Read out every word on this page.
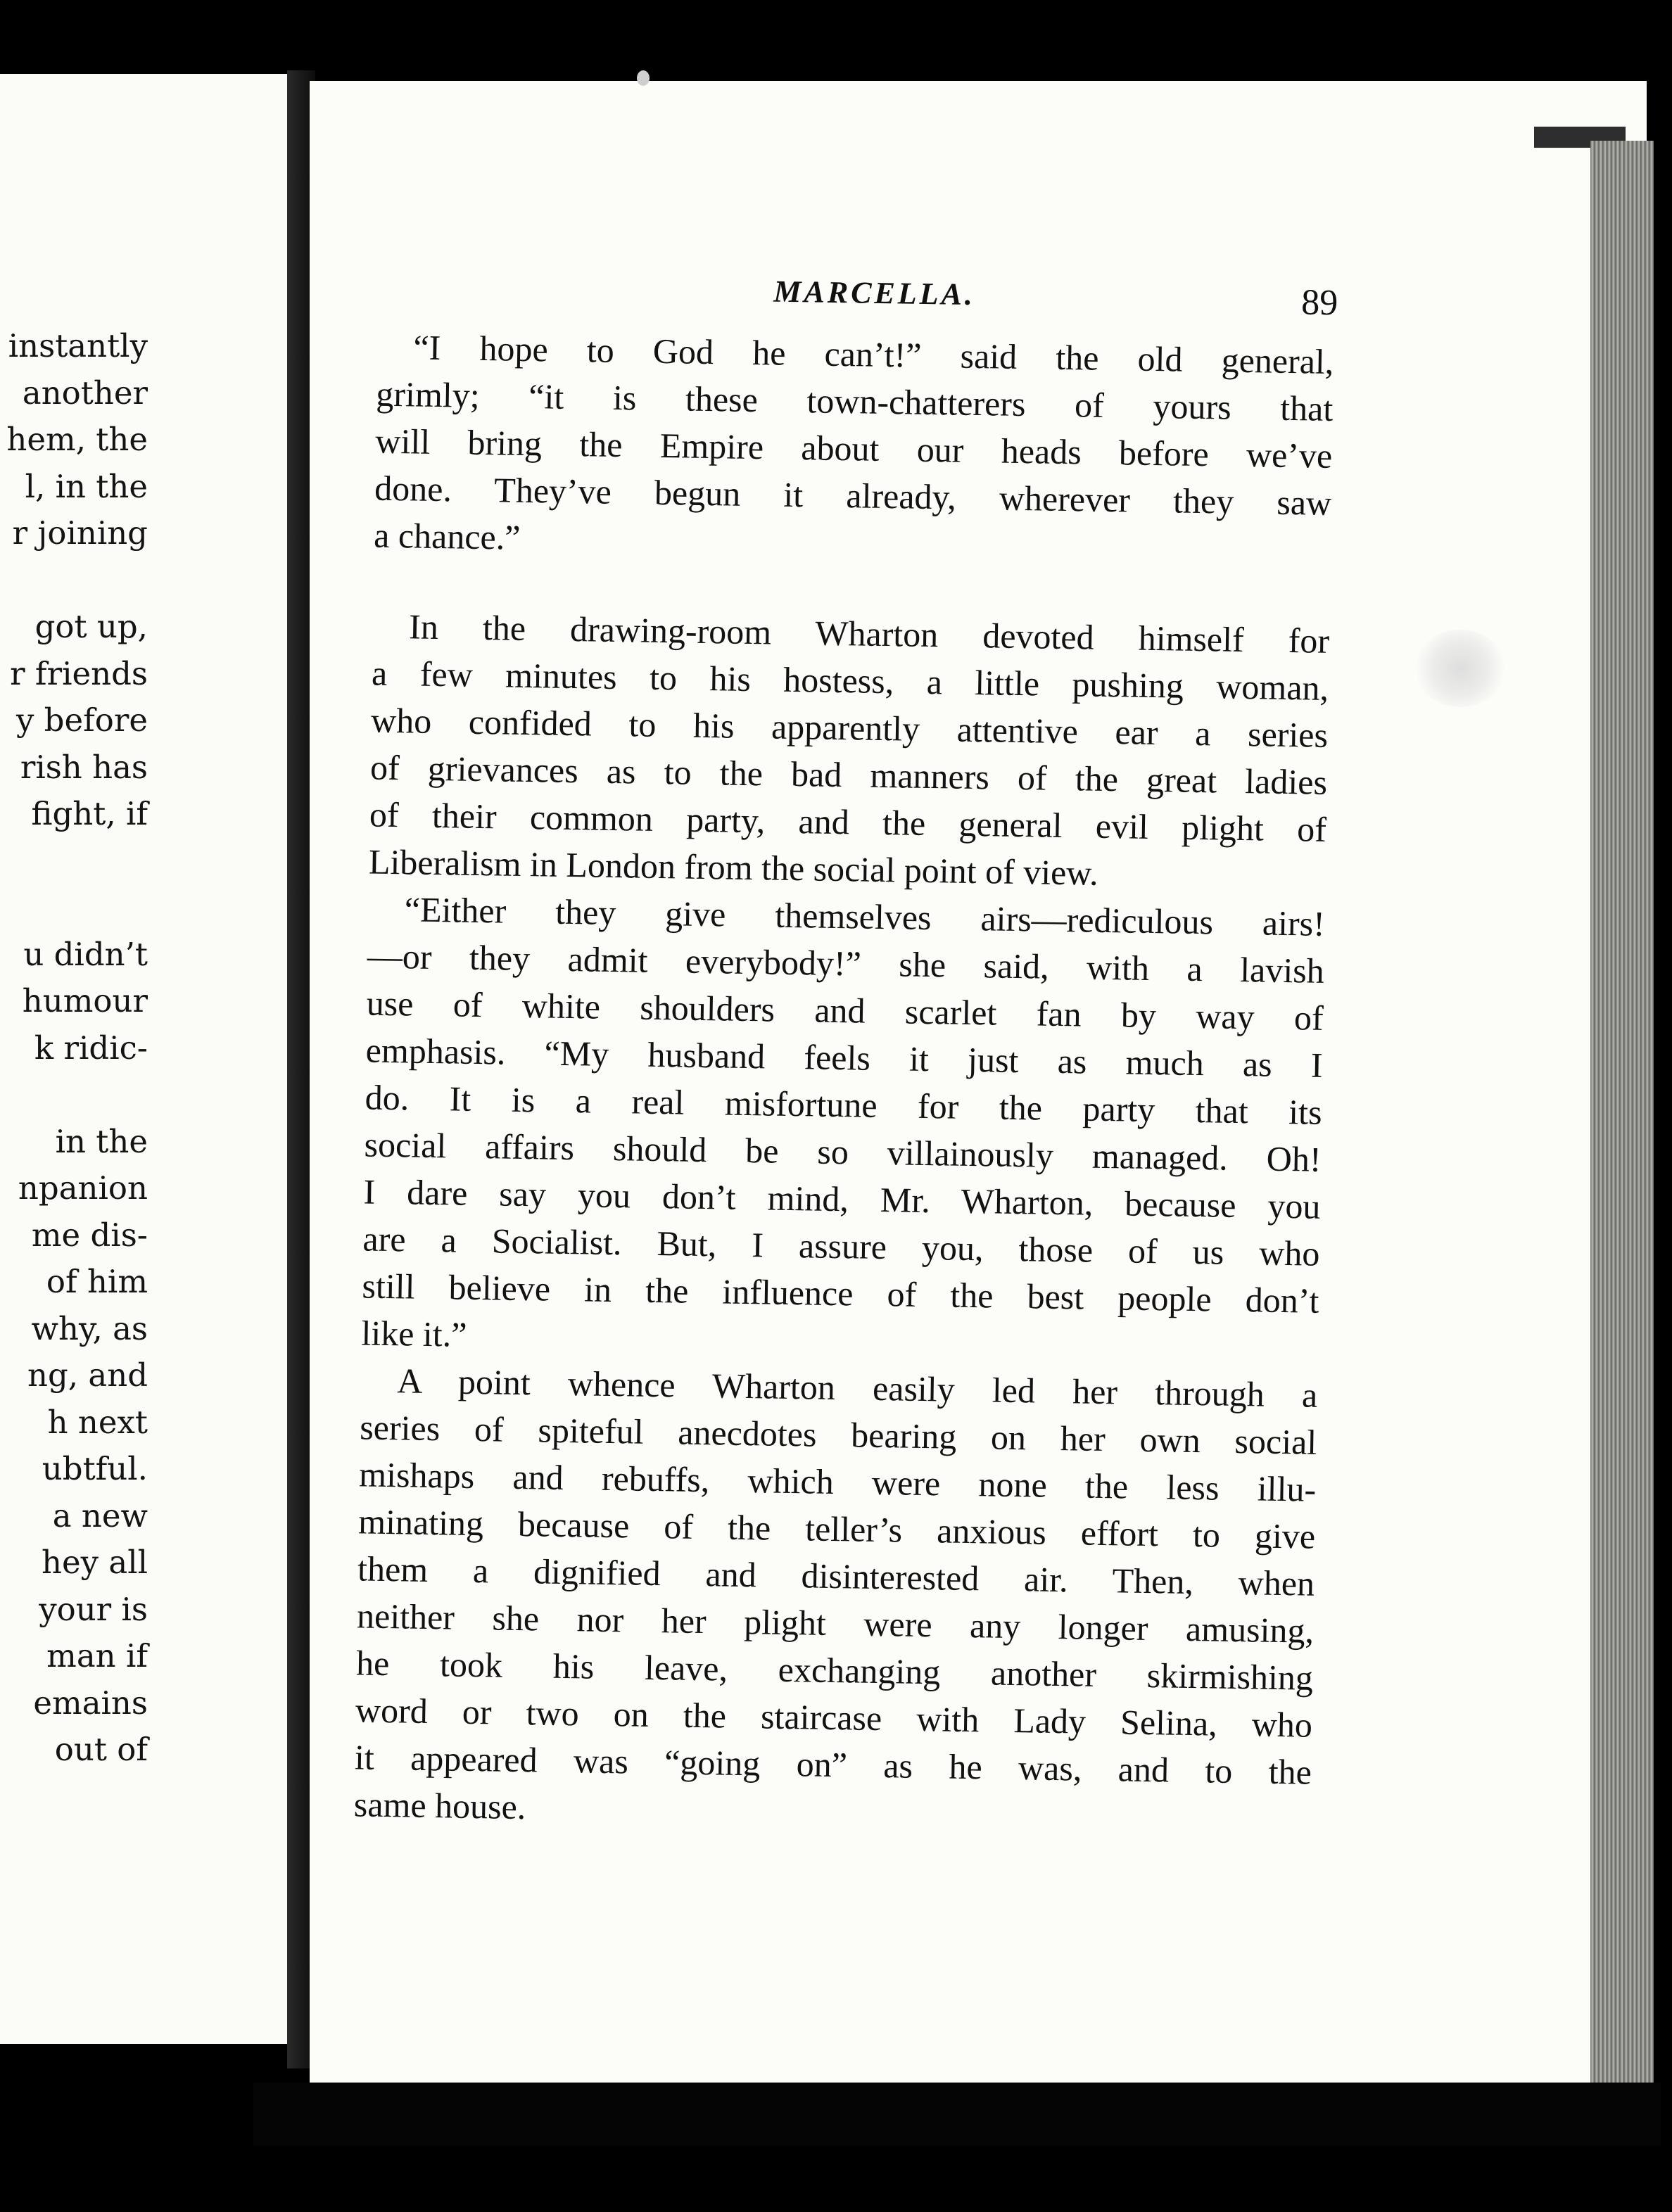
instantly
another
hem, the
l, in the
r joining
got up,
r friends
y before
rish has
fight, if
u didn’t
humour
k ridic-
in the
npanion
me dis-
of him
why, as
ng, and
h next
ubtful.
a new
hey all
your is
man if
emains
out of
MARCELLA.	89
“I hope to God he can’t!” said the old general,
grimly; “it is these town-chatterers of yours that
will bring the Empire about our heads before we’ve
done. They’ve begun it already, wherever they saw
a chance.”
In the drawing-room Wharton devoted himself for
a few minutes to his hostess, a little pushing woman,
who confided to his apparently attentive ear a series
of grievances as to the bad manners of the great ladies
of their common party, and the general evil plight of
Liberalism in London from the social point of view.
“Either they give themselves airs—rediculous airs!
—or they admit everybody!” she said, with a lavish
use of white shoulders and scarlet fan by way of
emphasis. “My husband feels it just as much as I
do. It is a real misfortune for the party that its
social affairs should be so villainously managed. Oh!
I dare say you don’t mind, Mr. Wharton, because you
are a Socialist. But, I assure you, those of us who
still believe in the influence of the best people don’t
like it.”
A point whence Wharton easily led her through a
series of spiteful anecdotes bearing on her own social
mishaps and rebuffs, which were none the less illu-
minating because of the teller’s anxious effort to give
them a dignified and disinterested air. Then, when
neither she nor her plight were any longer amusing,
he took his leave, exchanging another skirmishing
word or two on the staircase with Lady Selina, who
it appeared was “going on” as he was, and to the
same house.
